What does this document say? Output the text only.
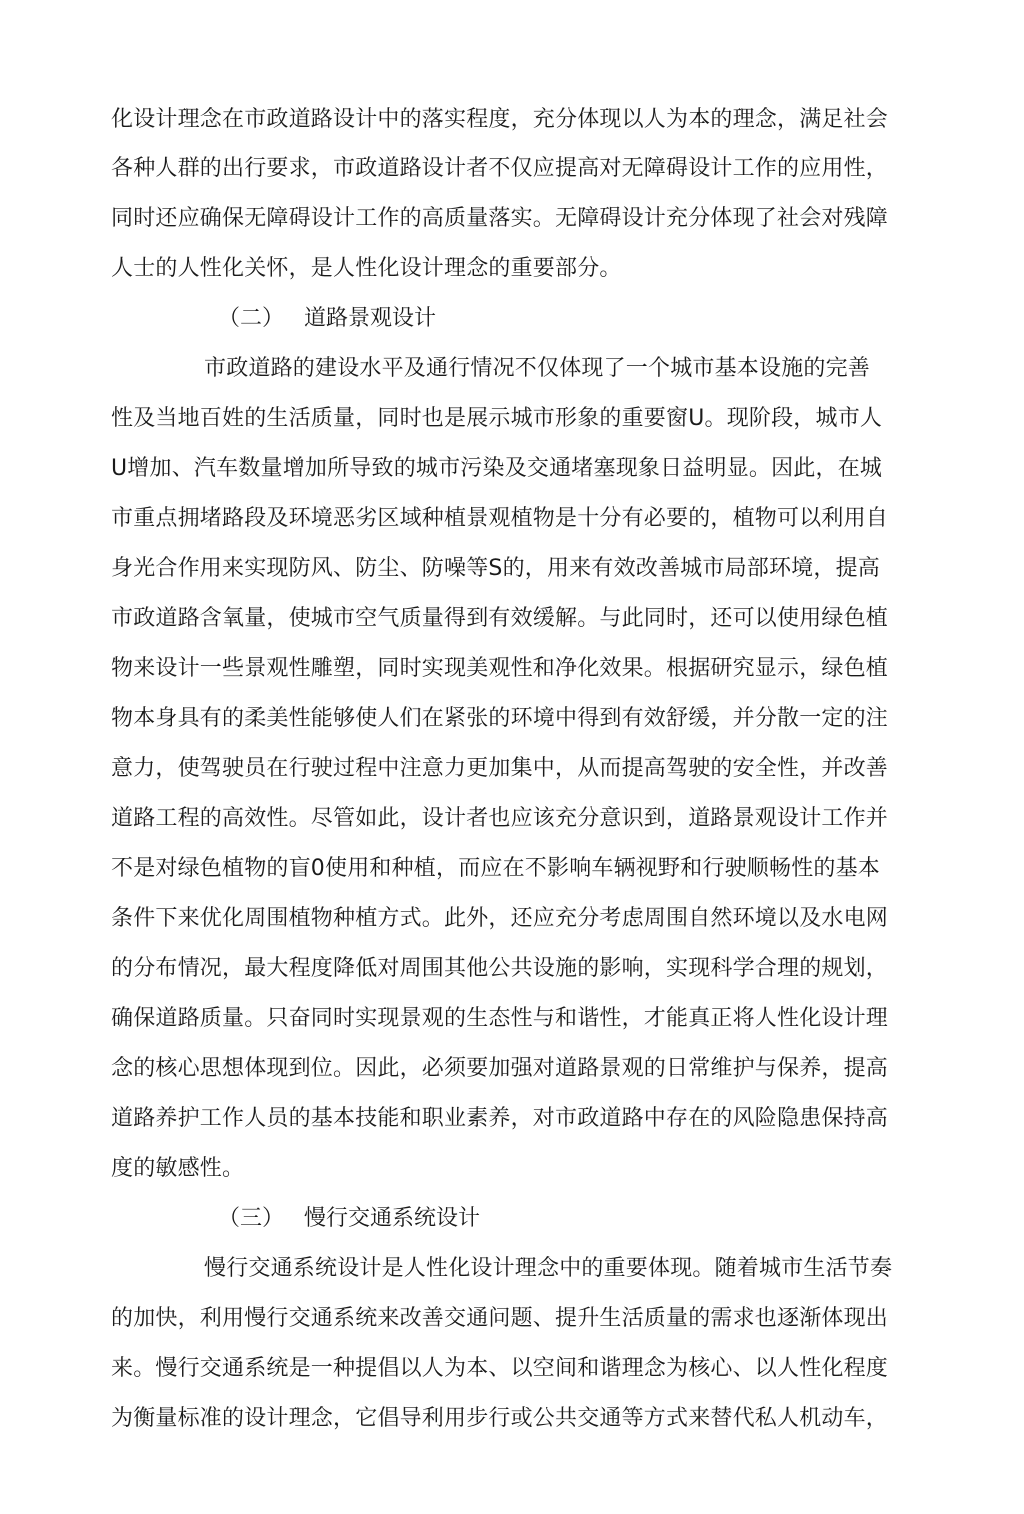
化设计理念在市政道路设计中的落实程度，充分体现以人为本的理念，满足社会
各种人群的出行要求，市政道路设计者不仅应提高对无障碍设计工作的应用性，
同时还应确保无障碍设计工作的高质量落实。无障碍设计充分体现了社会对残障
人士的人性化关怀，是人性化设计理念的重要部分。
（二） 道路景观设计
市政道路的建设水平及通行情况不仅体现了一个城市基本设施的完善
性及当地百姓的生活质量，同时也是展示城市形象的重要窗U。现阶段，城市人
U增加、汽车数量增加所导致的城市污染及交通堵塞现象日益明显。因此，在城
市重点拥堵路段及环境恶劣区域种植景观植物是十分有必要的，植物可以利用自
身光合作用来实现防风、防尘、防噪等S的，用来有效改善城市局部环境，提高
市政道路含氧量，使城市空气质量得到有效缓解。与此同时，还可以使用绿色植
物来设计一些景观性雕塑，同时实现美观性和净化效果。根据研究显示，绿色植
物本身具有的柔美性能够使人们在紧张的环境中得到有效舒缓，并分散一定的注
意力，使驾驶员在行驶过程中注意力更加集中，从而提高驾驶的安全性，并改善
道路工程的高效性。尽管如此，设计者也应该充分意识到，道路景观设计工作并
不是对绿色植物的盲0使用和种植，而应在不影响车辆视野和行驶顺畅性的基本
条件下来优化周围植物种植方式。此外，还应充分考虑周围自然环境以及水电网
的分布情况，最大程度降低对周围其他公共设施的影响，实现科学合理的规划，
确保道路质量。只奋同时实现景观的生态性与和谐性，才能真正将人性化设计理
念的核心思想体现到位。因此，必须要加强对道路景观的日常维护与保养，提高
道路养护工作人员的基本技能和职业素养，对市政道路中存在的风险隐患保持高
度的敏感性。
（三） 慢行交通系统设计
慢行交通系统设计是人性化设计理念中的重要体现。随着城市生活节奏
的加快，利用慢行交通系统来改善交通问题、提升生活质量的需求也逐渐体现出
来。慢行交通系统是一种提倡以人为本、以空间和谐理念为核心、以人性化程度
为衡量标准的设计理念，它倡导利用步行或公共交通等方式来替代私人机动车，
